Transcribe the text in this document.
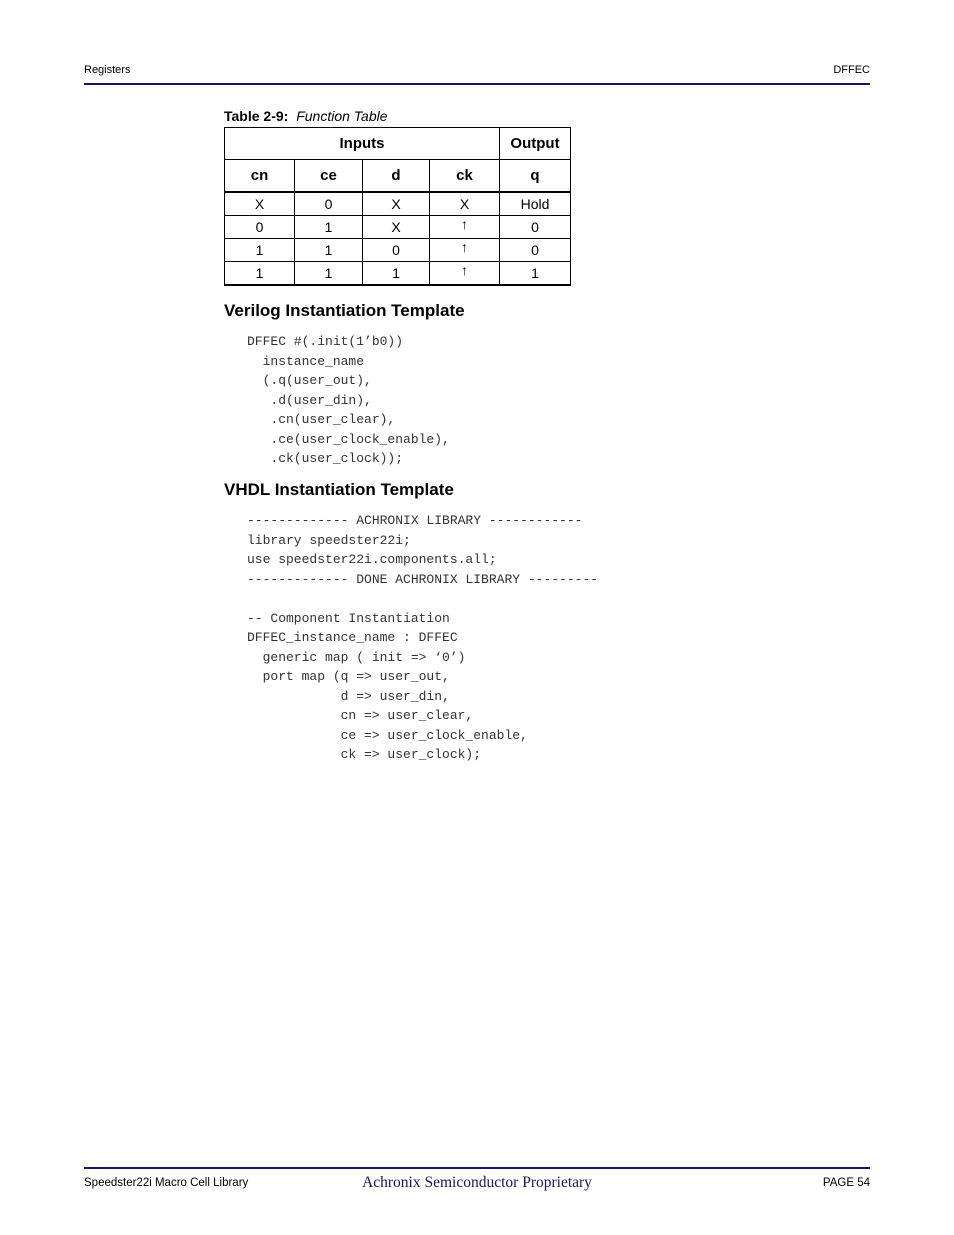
Registers	DFFEC
Table 2-9: Function Table
Inputs				Output
cn	ce	d	ck	q
X	0	X	X	Hold
0	1	X	↑	0
1	1	0	↑	0
1	1	1	↑	1
Verilog Instantiation Template
DFFEC #(.init(1’b0))
instance_name
(.q(user_out),
.d(user_din),
.cn(user_clear),
.ce(user_clock_enable),
.ck(user_clock));
VHDL Instantiation Template
------------- ACHRONIX LIBRARY ------------
library speedster22i;
use speedster22i.components.all;
------------- DONE ACHRONIX LIBRARY ---------

-- Component Instantiation
DFFEC_instance_name : DFFEC
generic map ( init => ‘0’)
port map (q => user_out,
d => user_din,
cn => user_clear,
ce => user_clock_enable,
ck => user_clock);
Speedster22i Macro Cell Library	Achronix Semiconductor Proprietary	PAGE 54
